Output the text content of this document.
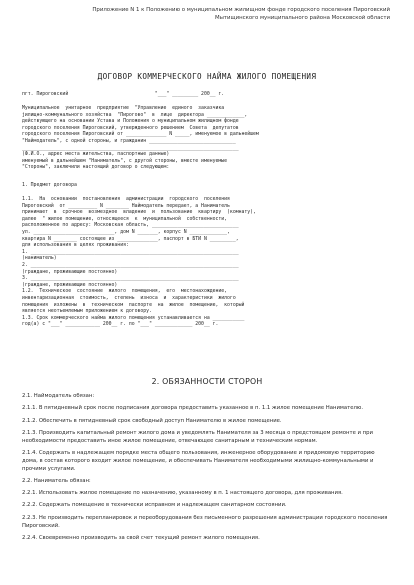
Приложение N 1 к Положению о муниципальном жилищном фонде городского поселения Пироговский
Мытищинского муниципального района Московской области
ДОГОВОР КОММЕРЧЕСКОГО НАЙМА ЖИЛОГО ПОМЕЩЕНИЯ
пгт. Пироговский                              "___" _________ 200__ г.
Муниципальное  унитарное  предприятие  "Управление  единого  заказчика
jилищно-коммунального хозяйства  "Пирогово"  в  лице  директора _____________,
действующего на основании Устава и Положения о муниципальном жилищном фонде
городского поселения Пироговский, утвержденного решением  Совета  депутатов
городского поселения Пироговский от ______________ N _____, именуемое в дальнейшем
"Наймодатель", с одной стороны, и гражданин ______________________________
___________________________________________________________________________
(Ф.И.О., адрес места жительства, паспортные данные)
именуемый в дальнейшем "Наниматель", с другой стороны, вместе именуемые
"Стороны", заключили настоящий договор о следующем:
1. Предмет договора
1.1.  На  основании  постановления  администрации  городского  поселения
Пироговский  от __________ N ________ Наймодатель передает, а Наниматель
принимает  в  срочное  возмездное  владение  и  пользование  квартиру  (комнату),
далее  " жилое помещение, относящееся  к  муниципальной  собственности,
расположенное по адресу: Московская область, ______________________________
ул. ____________________________, дом N _______, корпус N _____________,
квартира N ________ состоящее из ______________, паспорт в БТИ N _________,
для использования в целях проживания:
1. ________________________________________________________________________
(наниматель)
2. ________________________________________________________________________
(граждане, проживающие постоянно)
3. ________________________________________________________________________
(граждане, проживающие постоянно)
1.2.  Техническое  состояние  жилого  помещения,  его  местонахождение,
инвентаризационная  стоимость,  степень  износа  и  характеристики  жилого
помещения  изложены  в  техническом  паспорте  на  жилое  помещение,  который
является неотъемлемым приложением к договору.
1.3. Срок коммерческого найма жилого помещения устанавливается на ___________
год(а) с "___" ____________ 200__ г. по "___" _____________ 200__ г.
2. ОБЯЗАННОСТИ СТОРОН

2.1. Наймодатель обязан:

2.1.1. В пятидневный срок после подписания договора предоставить указанное в п. 1.1 жилое помещение Нанимателю.

2.1.2. Обеспечить в пятидневный срок свободный доступ Нанимателю в жилое помещение.

2.1.3. Производить капитальный ремонт жилого дома и уведомлять Нанимателя за 3 месяца о предстоящем ремонте и при необходимости предоставить иное жилое помещение, отвечающее санитарным и техническим нормам.

2.1.4. Содержать в надлежащем порядке места общего пользования, инженерное оборудование и придомовую территорию дома, в состав которого входит жилое помещение, и обеспечивать Нанимателя необходимыми жилищно-коммунальными и прочими услугами.

2.2. Наниматель обязан:

2.2.1. Использовать жилое помещение по назначению, указанному в п. 1 настоящего договора, для проживания.

2.2.2. Содержать помещение в технически исправном и надлежащем санитарном состоянии.

2.2.3. Не производить перепланировок и переоборудования без письменного разрешения администрации городского поселения Пироговский.

2.2.4. Своевременно производить за свой счет текущий ремонт жилого помещения.
